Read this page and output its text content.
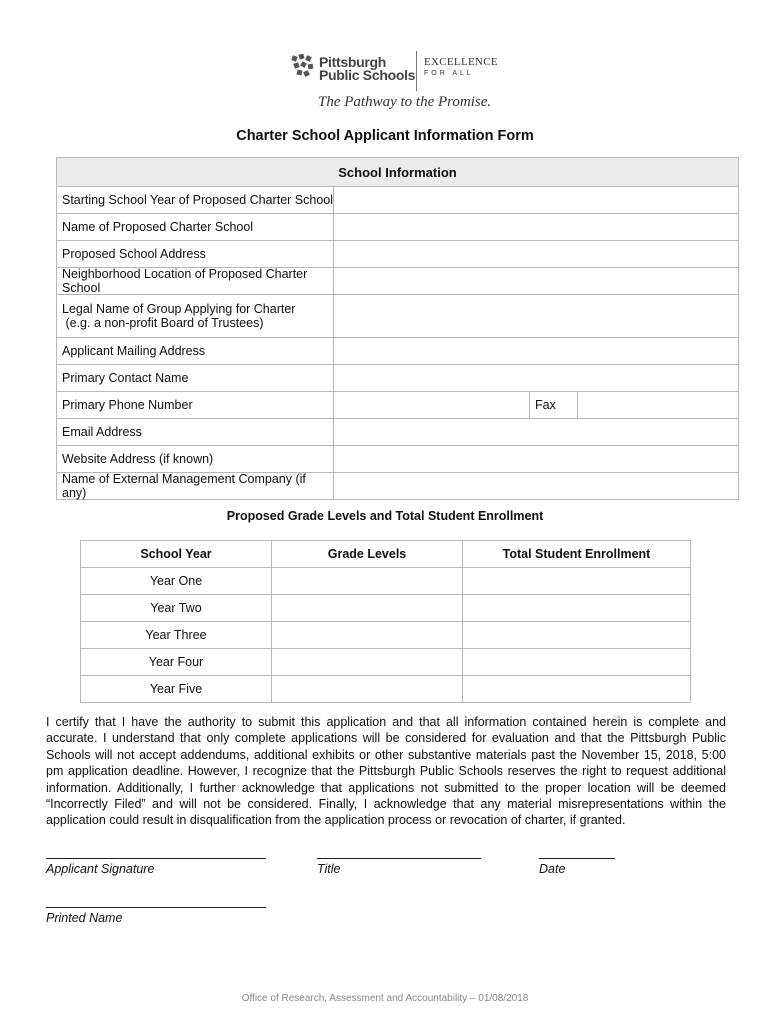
Pittsburgh
Public Schools
EXCELLENCE
FOR ALL
The Pathway to the Promise.
Charter School Applicant Information Form
School Information
Starting School Year of Proposed Charter School
Name of Proposed Charter School
Proposed School Address
Neighborhood Location of Proposed Charter School
Legal Name of Group Applying for Charter
(e.g. a non-profit Board of Trustees)
Applicant Mailing Address
Primary Contact Name
Primary Phone Number	Fax
Email Address
Website Address (if known)
Name of External Management Company (if any)
Proposed Grade Levels and Total Student Enrollment
School Year	Grade Levels	Total Student Enrollment
Year One
Year Two
Year Three
Year Four
Year Five
I certify that I have the authority to submit this application and that all information contained herein is complete and accurate. I understand that only complete applications will be considered for evaluation and that the Pittsburgh Public Schools will not accept addendums, additional exhibits or other substantive materials past the November 15, 2018, 5:00 pm application deadline. However, I recognize that the Pittsburgh Public Schools reserves the right to request additional information. Additionally, I further acknowledge that applications not submitted to the proper location will be deemed “Incorrectly Filed” and will not be considered. Finally, I acknowledge that any material misrepresentations within the application could result in disqualification from the application process or revocation of charter, if granted.
Applicant Signature	Title	Date
Printed Name
Office of Research, Assessment and Accountability – 01/08/2018
